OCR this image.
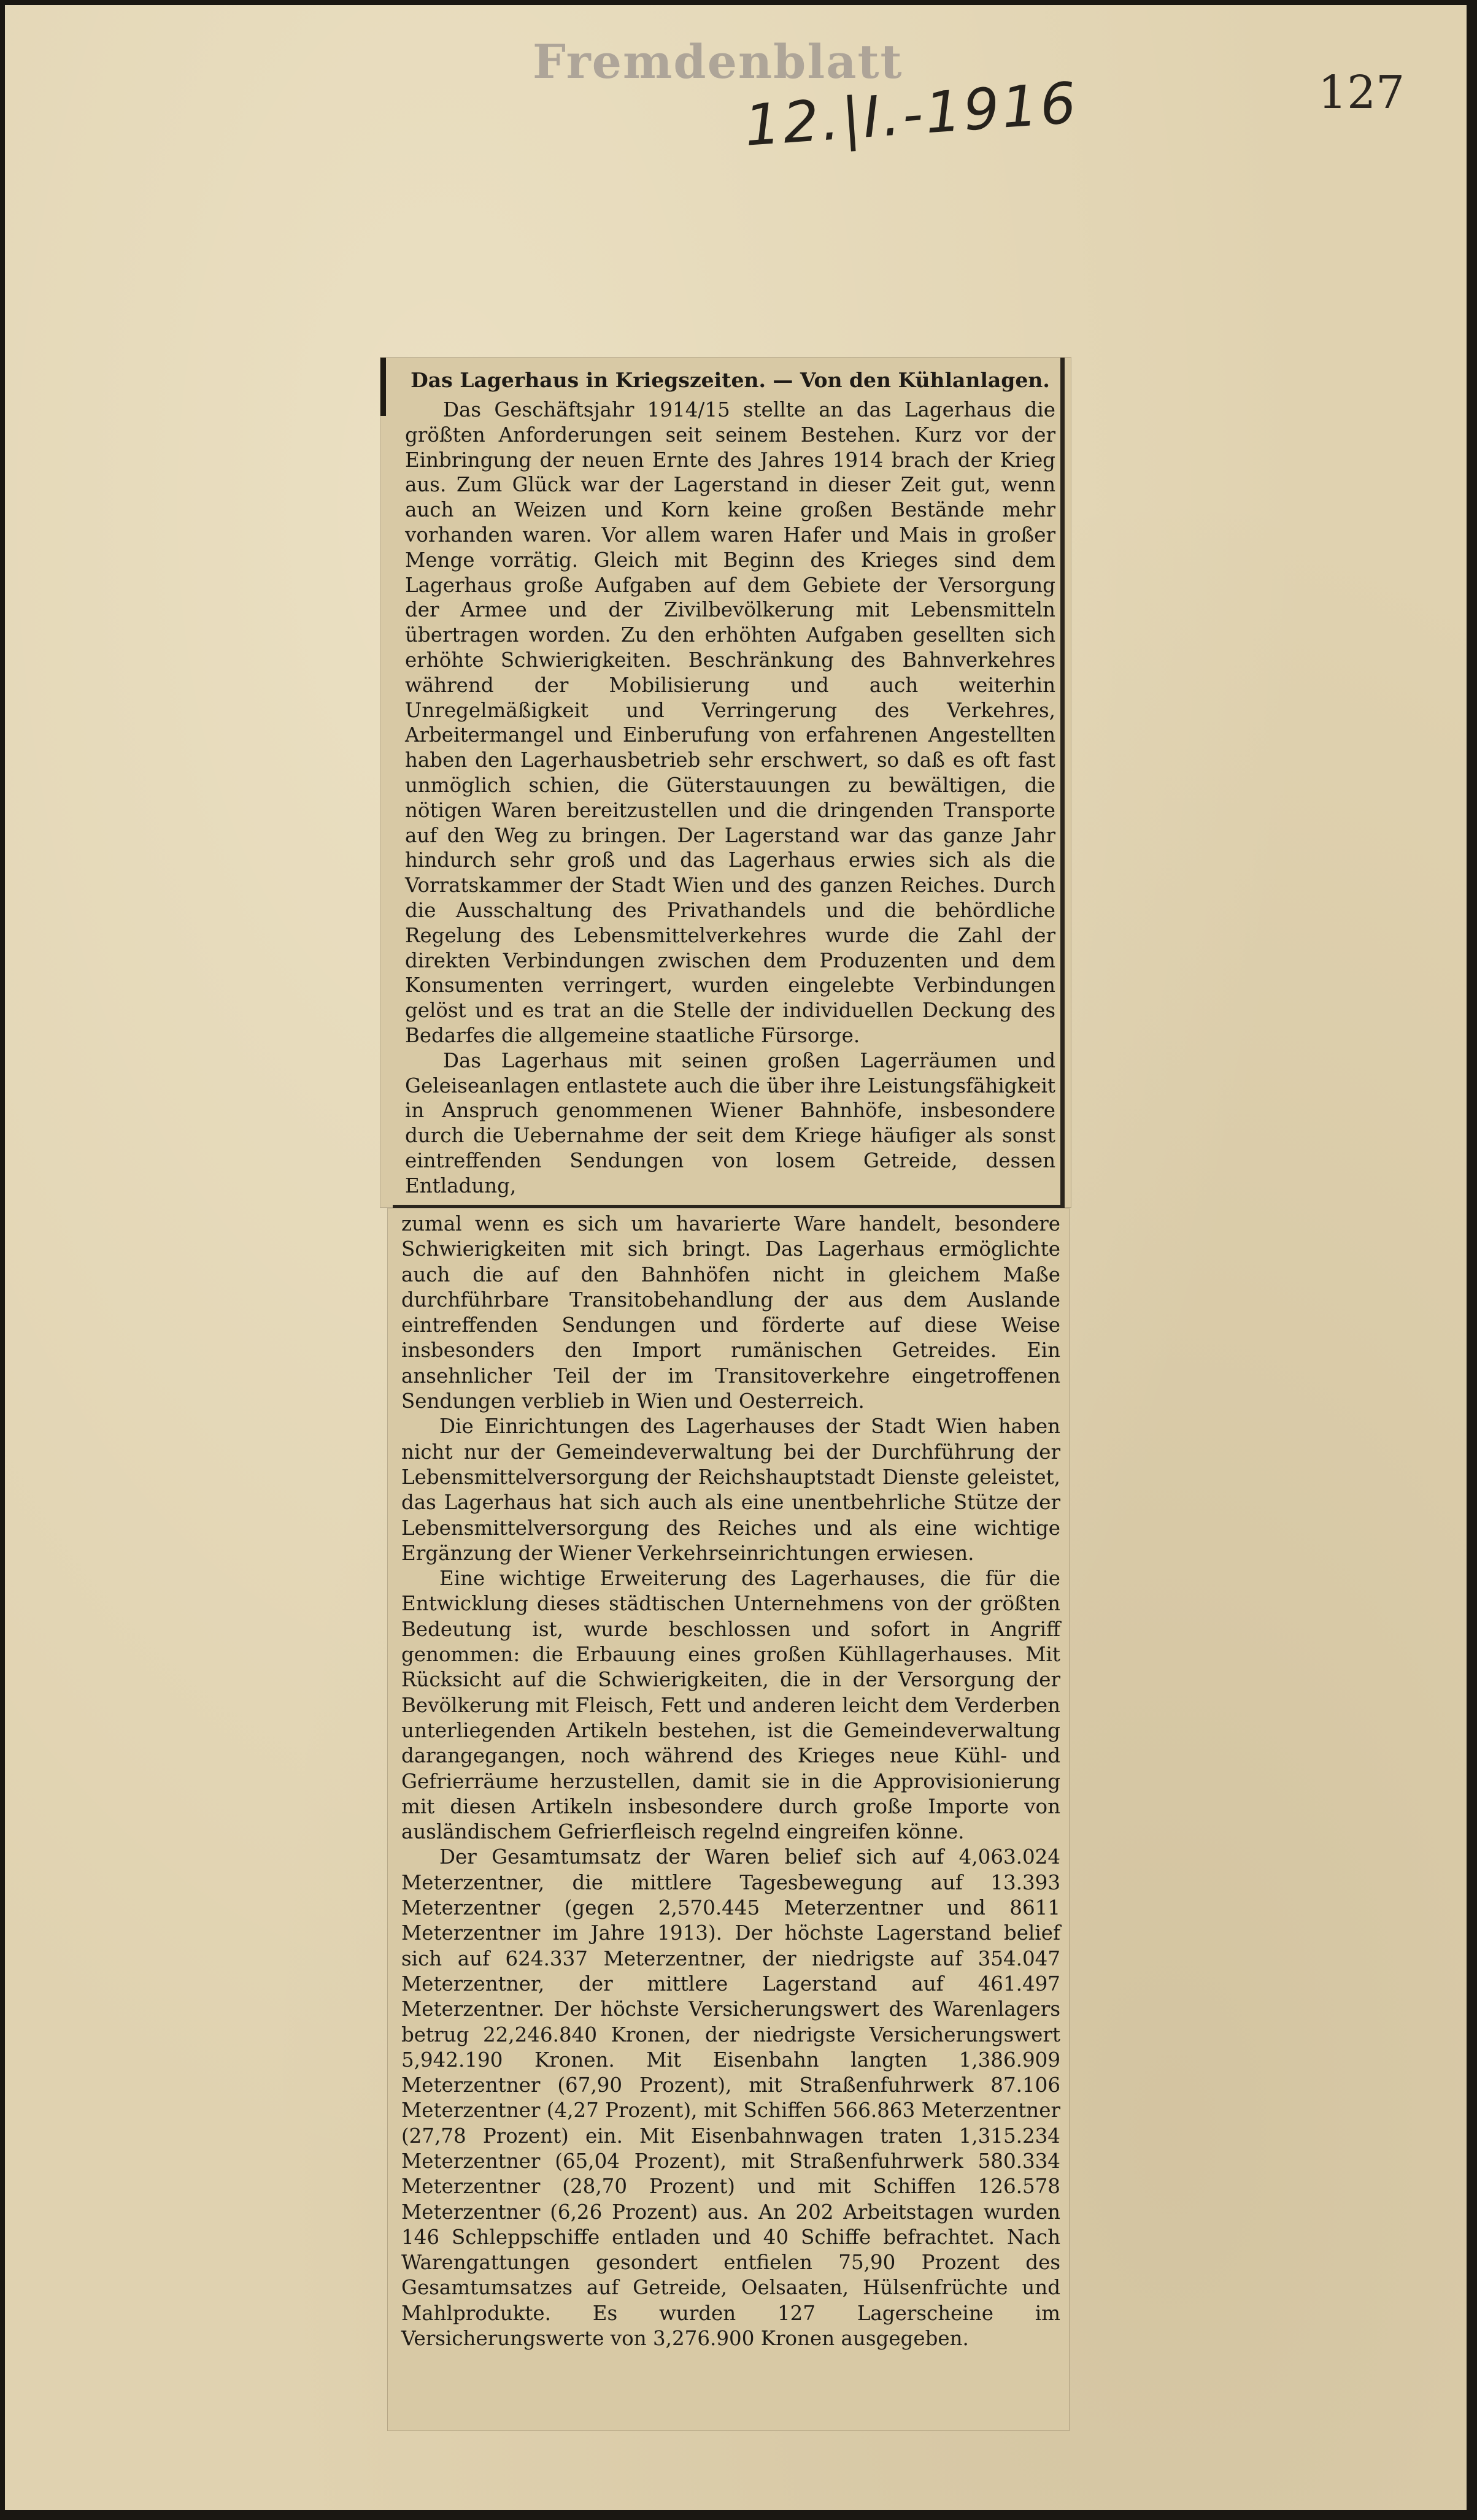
Fremdenblatt
12.|I.-1916	127
Das Lagerhaus in Kriegszeiten. — Von den Kühlanlagen.

Das Geschäftsjahr 1914/15 stellte an das Lagerhaus die größten Anforderungen seit seinem Bestehen. Kurz vor der Einbringung der neuen Ernte des Jahres 1914 brach der Krieg aus. Zum Glück war der Lagerstand in dieser Zeit gut, wenn auch an Weizen und Korn keine großen Bestände mehr vorhanden waren. Vor allem waren Hafer und Mais in großer Menge vorrätig. Gleich mit Beginn des Krieges sind dem Lagerhaus große Aufgaben auf dem Gebiete der Versorgung der Armee und der Zivilbevölkerung mit Lebensmitteln übertragen worden. Zu den erhöhten Aufgaben gesellten sich erhöhte Schwierigkeiten. Beschränkung des Bahnverkehres während der Mobilisierung und auch weiterhin Unregelmäßigkeit und Verringerung des Verkehres, Arbeitermangel und Einberufung von erfahrenen Angestellten haben den Lagerhausbetrieb sehr erschwert, so daß es oft fast unmöglich schien, die Güterstauungen zu bewältigen, die nötigen Waren bereitzustellen und die dringenden Transporte auf den Weg zu bringen. Der Lagerstand war das ganze Jahr hindurch sehr groß und das Lagerhaus erwies sich als die Vorratskammer der Stadt Wien und des ganzen Reiches. Durch die Ausschaltung des Privathandels und die behördliche Regelung des Lebensmittelverkehres wurde die Zahl der direkten Verbindungen zwischen dem Produzenten und dem Konsumenten verringert, wurden eingelebte Verbindungen gelöst und es trat an die Stelle der individuellen Deckung des Bedarfes die allgemeine staatliche Fürsorge.

Das Lagerhaus mit seinen großen Lagerräumen und Geleiseanlagen entlastete auch die über ihre Leistungsfähigkeit in Anspruch genommenen Wiener Bahnhöfe, insbesondere durch die Uebernahme der seit dem Kriege häufiger als sonst eintreffenden Sendungen von losem Getreide, dessen Entladung,

zumal wenn es sich um havarierte Ware handelt, besondere Schwierigkeiten mit sich bringt. Das Lagerhaus ermöglichte auch die auf den Bahnhöfen nicht in gleichem Maße durchführbare Transitobehandlung der aus dem Auslande eintreffenden Sendungen und förderte auf diese Weise insbesonders den Import rumänischen Getreides. Ein ansehnlicher Teil der im Transitoverkehre eingetroffenen Sendungen verblieb in Wien und Oesterreich.

Die Einrichtungen des Lagerhauses der Stadt Wien haben nicht nur der Gemeindeverwaltung bei der Durchführung der Lebensmittelversorgung der Reichshauptstadt Dienste geleistet, das Lagerhaus hat sich auch als eine unentbehrliche Stütze der Lebensmittelversorgung des Reiches und als eine wichtige Ergänzung der Wiener Verkehrseinrichtungen erwiesen.

Eine wichtige Erweiterung des Lagerhauses, die für die Entwicklung dieses städtischen Unternehmens von der größten Bedeutung ist, wurde beschlossen und sofort in Angriff genommen: die Erbauung eines großen Kühllagerhauses. Mit Rücksicht auf die Schwierigkeiten, die in der Versorgung der Bevölkerung mit Fleisch, Fett und anderen leicht dem Verderben unterliegenden Artikeln bestehen, ist die Gemeindeverwaltung darangegangen, noch während des Krieges neue Kühl- und Gefrierräume herzustellen, damit sie in die Approvisionierung mit diesen Artikeln insbesondere durch große Importe von ausländischem Gefrierfleisch regelnd eingreifen könne.

Der Gesamtumsatz der Waren belief sich auf 4,063.024 Meterzentner, die mittlere Tagesbewegung auf 13.393 Meterzentner (gegen 2,570.445 Meterzentner und 8611 Meterzentner im Jahre 1913). Der höchste Lagerstand belief sich auf 624.337 Meterzentner, der niedrigste auf 354.047 Meterzentner, der mittlere Lagerstand auf 461.497 Meterzentner. Der höchste Versicherungswert des Warenlagers betrug 22,246.840 Kronen, der niedrigste Versicherungswert 5,942.190 Kronen. Mit Eisenbahn langten 1,386.909 Meterzentner (67,90 Prozent), mit Straßenfuhrwerk 87.106 Meterzentner (4,27 Prozent), mit Schiffen 566.863 Meterzentner (27,78 Prozent) ein. Mit Eisenbahnwagen traten 1,315.234 Meterzentner (65,04 Prozent), mit Straßenfuhrwerk 580.334 Meterzentner (28,70 Prozent) und mit Schiffen 126.578 Meterzentner (6,26 Prozent) aus. An 202 Arbeitstagen wurden 146 Schleppschiffe entladen und 40 Schiffe befrachtet. Nach Warengattungen gesondert entfielen 75,90 Prozent des Gesamtumsatzes auf Getreide, Oelsaaten, Hülsenfrüchte und Mahlprodukte. Es wurden 127 Lagerscheine im Versicherungswerte von 3,276.900 Kronen ausgegeben.
